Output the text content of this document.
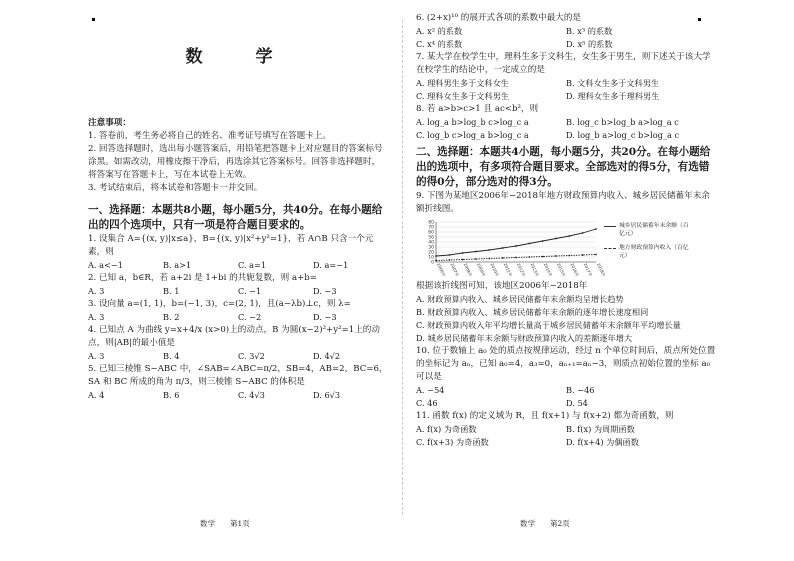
数　学

注意事项：

1. 答卷前，考生务必将自己的姓名、准考证号填写在答题卡上。

2. 回答选择题时，选出每小题答案后，用铅笔把答题卡上对应题目的答案标号涂黑。如需改动，用橡皮擦干净后，再选涂其它答案标号。回答非选择题时，将答案写在答题卡上，写在本试卷上无效。

3. 考试结束后，将本试卷和答题卡一并交回。

一、选择题：本题共8小题，每小题5分，共40分。在每小题给出的四个选项中，只有一项是符合题目要求的。

1. 设集合 A={(x, y)|x≤a}，B={(x, y)|x²+y²=1}，若 A∩B 只含一个元素，则

A. a<−1	B. a>1	C. a=1	D. a=−1

2. 已知 a，b∈R，若 a+2i 是 1+bi 的共轭复数，则 a+b=

A. 3	B. 1	C. −1	D. −3

3. 设向量 a=(1, 1)，b=(−1, 3)，c=(2, 1)，且(a−λb)⊥c，则 λ=

A. 3	B. 2	C. −2	D. −3

4. 已知点 A 为曲线 y=x+4/x (x>0)上的动点，B 为圆(x−2)²+y²=1上的动点，则|AB|的最小值是

A. 3	B. 4	C. 3√2	D. 4√2

5. 已知三棱锥 S−ABC 中，∠SAB=∠ABC=π/2，SB=4，AB=2，BC=6，SA 和 BC 所成的角为 π/3，则三棱锥 S−ABC 的体积是

A. 4	B. 6	C. 4√3	D. 6√3
数学　　第1页

6. (2+x)¹⁰ 的展开式各项的系数中最大的是

A. x² 的系数	B. x³ 的系数
C. x⁴ 的系数	D. x⁵ 的系数

7. 某大学在校学生中，理科生多于文科生，女生多于男生，则下述关于该大学在校学生的结论中，一定成立的是

A. 理科男生多于文科女生	B. 文科女生多于文科男生
C. 理科女生多于文科男生	D. 理科女生多于理科男生

8. 若 a>b>c>1 且 ac<b²，则

A. log_a b>log_b c>log_c a	B. log_c b>log_b a>log_a c
C. log_b c>log_a b>log_c a	D. log_b a>log_c b>log_a c

二、选择题：本题共4小题，每小题5分，共20分。在每小题给出的选项中，有多项符合题目要求。全部选对的得5分，有选错的得0分，部分选对的得3分。

9. 下图为某地区2006年−2018年地方财政预算内收入、城乡居民储蓄年末余额折线图。

0
10
20
30
40
50
60
70
80
2006年 2007年 2008年 2009年 2010年 2011年 2012年 2013年 2014年 2015年 2016年 2017年 2018年
城乡居民储蓄年末余额（百亿元）
地方财政预算内收入（百亿元）

根据该折线图可知，该地区2006年−2018年

A. 财政预算内收入、城乡居民储蓄年末余额均呈增长趋势
B. 财政预算内收入、城乡居民储蓄年末余额的逐年增长速度相同
C. 财政预算内收入年平均增长量高于城乡居民储蓄年末余额年平均增长量
D. 城乡居民储蓄年末余额与财政预算内收入的差额逐年增大

10. 位于数轴上 a₀ 处的质点按规律运动，经过 n 个单位时间后，质点所处位置的坐标记为 aₙ，已知 a₀=4，a₃=0，aₙ₊₁=aₙ−3，则质点初始位置的坐标 a₀ 可以是

A. −54	B. −46
C. 46	D. 54

11. 函数 f(x) 的定义域为 R，且 f(x+1) 与 f(x+2) 都为奇函数，则

A. f(x) 为奇函数	B. f(x) 为周期函数
C. f(x+3) 为奇函数	D. f(x+4) 为偶函数
数学　　第2页
